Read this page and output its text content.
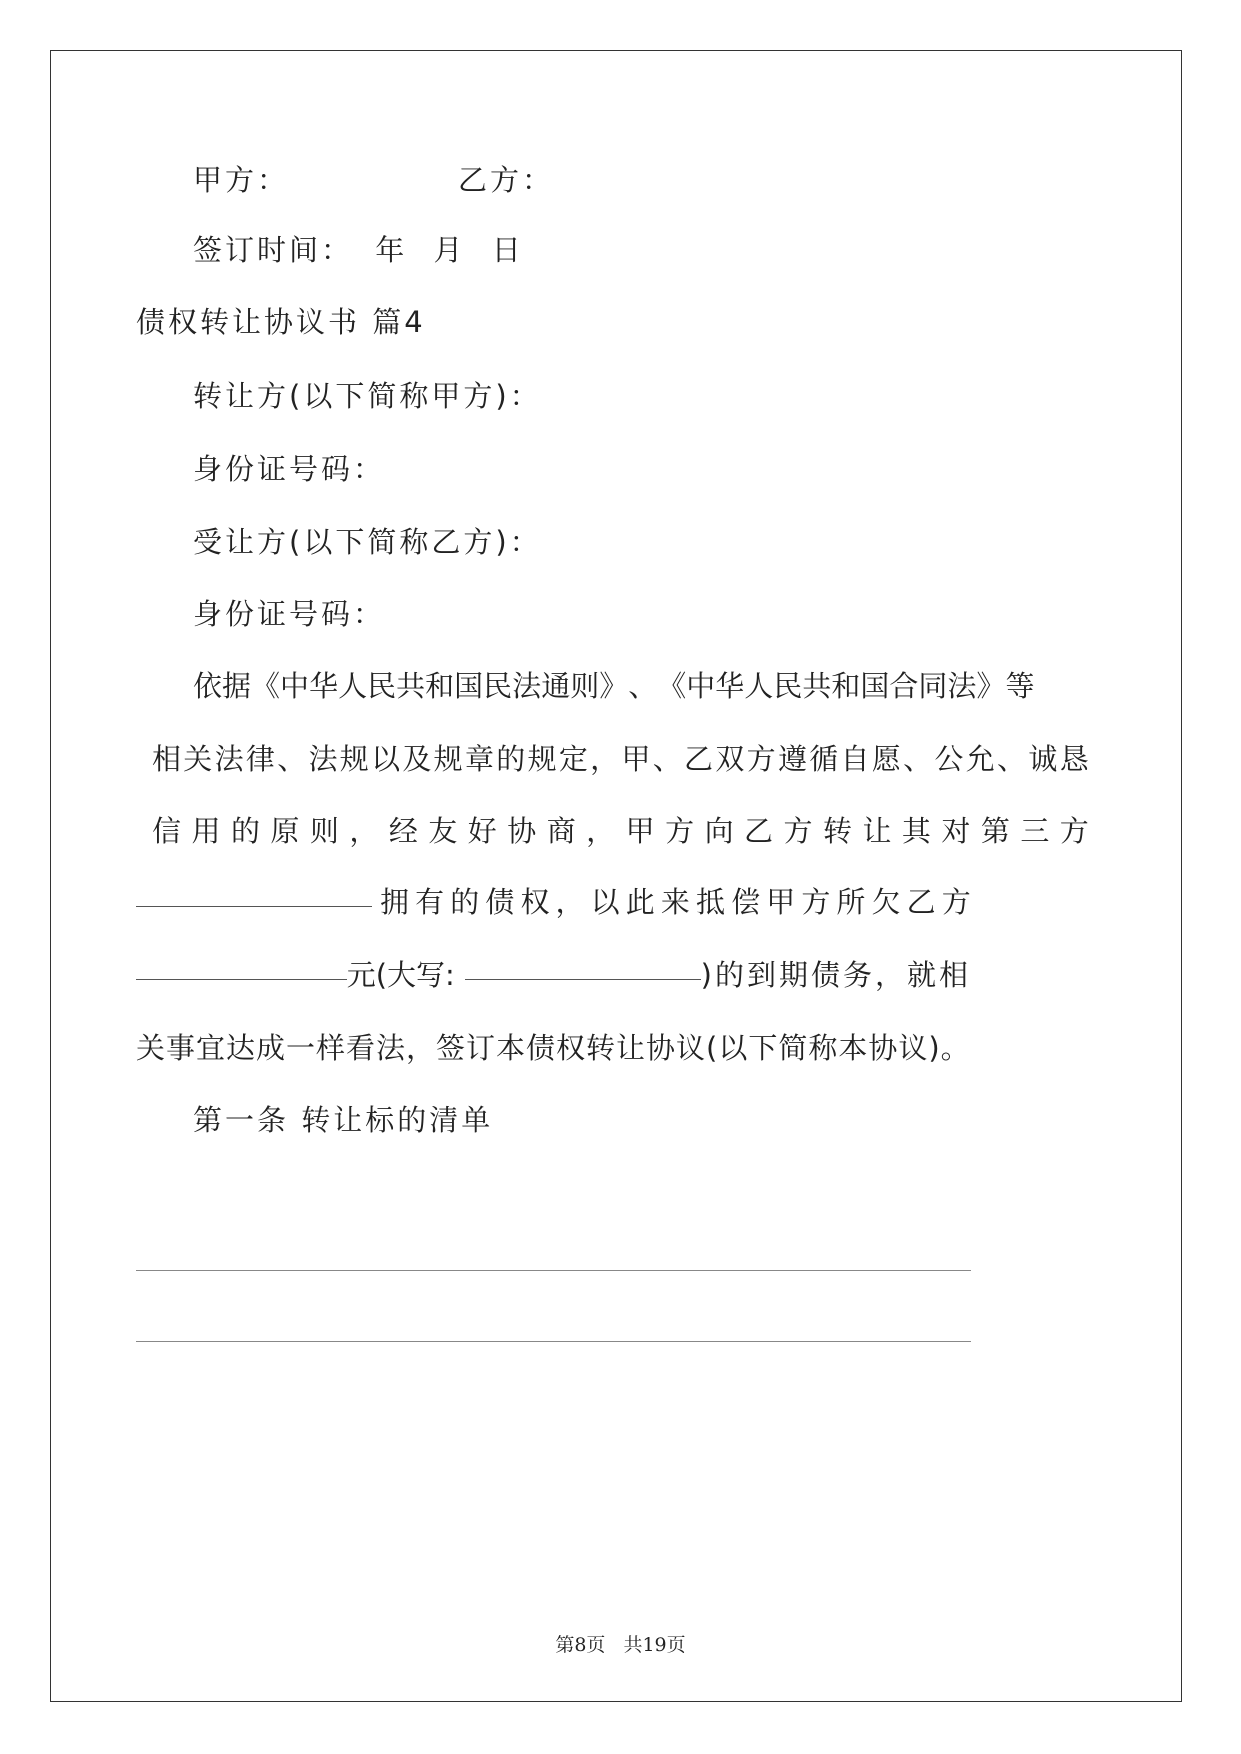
甲方：	乙方：
签订时间： 年 月 日
债权转让协议书 篇4
转让方(以下简称甲方)：
身份证号码：
受让方(以下简称乙方)：
身份证号码：
依 据 《 中 华 人 民 共 和 国 民 法 通 则 》 、 《 中 华 人 民 共 和 国 合 同 法 》 等
相 关 法 律 、 法 规 以 及 规 章 的 规 定 ， 甲 、 乙 双 方 遵 循 自 愿 、 公 允 、 诚 恳
信 用 的 原 则 ， 经 友 好 协 商 ， 甲 方 向 乙 方 转 让 其 对 第 三 方
拥 有 的 债 权 ， 以 此 来 抵 偿 甲 方 所 欠 乙 方
元(大写:	)的到期债务，就相
关事宜达成一样看法，签订本债权转让协议(以下简称本协议)。
第一条 转让标的清单
第8页 共19页
